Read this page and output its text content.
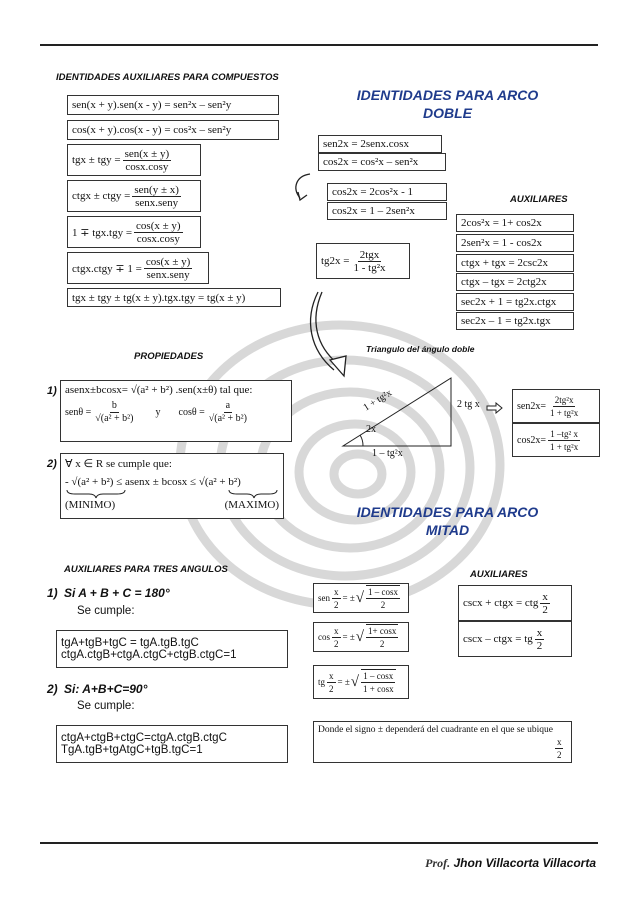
IDENTIDADES AUXILIARES PARA COMPUESTOS
sen(x + y).sen(x - y) = sen²x – sen²y
cos(x + y).cos(x - y) = cos²x – sen²y
tgx ± tgy = $\frac{\text{sen(x ± y)}}{\cos x.\cos y}$
ctgx ± ctgy = $\frac{\text{sen(y ± x)}}{\text{senx.seny}}$
$1 \mp tgx.tgy = \frac{\cos(x \pm y)}{\cos x.\cos y}$
ctgx.ctgy ∓ $1 = \frac{\cos(x \pm y)}{\text{senx.seny}}$
tgx ± tgy ± tg(x ± y).tgx.tgy = tg(x ± y)
IDENTIDADES PARA ARCO DOBLE
sen2x = 2senx.cosx
cos2x = cos²x – sen²x
cos2x = 2cos²x - 1
cos2x = 1 – 2sen²x
$tg2x = \frac{\text{2tgx}}{\text{1 - tg²x}}$
AUXILIARES
2cos²x = 1+ cos2x
2sen²x = 1 - cos2x
ctgx + tgx = 2csc2x
ctgx – tgx = 2ctg2x
sec2x + 1 = tg2x.ctgx
sec2x – 1 = tg2x.tgx
PROPIEDADES
1) asenx±bcosx= √(a² + b²) .sen(x±θ) tal que:
$sen\theta = \frac{b}{\text{√(a² + b²)}}$ y $\cos\theta = \frac{a}{\text{√(a² + b²)}}$
2) ∀ x ∈ R se cumple que:
- √(a² + b²) ≤ asenx ± bcosx ≤ √(a² + b²)
(MINIMO)	(MAXIMO)
Triangulo del ángulo doble
1 + tg²x	2 tg x
2x
1 – tg²x
$sen2x= \frac{\text{2tg²x}}{\text{1 + tg²x}}$
$\cos 2x= \frac{\text{1 –tg² x}}{\text{1 + tg²x}}$
IDENTIDADES PARA ARCO MITAD
AUXILIARES PARA TRES ANGULOS
1) Si A + B + C = 180°
Se cumple:
tgA+tgB+tgC = tgA.tgB.tgC
ctgA.ctgB+ctgA.ctgC+ctgB.ctgC=1
2) Si: A+B+C=90°
Se cumple:
ctgA+ctgB+ctgC=ctgA.ctgB.ctgC
TgA.tgB+tgAtgC+tgB.tgC=1
sen $\frac{x}{2}$ = ± √ $\frac{1 - \cos x}{2}$
$\cos \frac{x}{2}$ = ± √ $\frac{1+ \cos x}{2}$
tg $\frac{x}{2}$ = ± √ $\frac{1 - \cos x}{1 + \cos x}$
AUXILIARES
cscx + ctgx = ctg $\frac{x}{2}$
cscx – ctgx = tg $\frac{x}{2}$
Donde el signo ± dependerá del cuadrante en el que se ubique
$\frac{x}{2}$
Prof. Jhon Villacorta Villacorta
